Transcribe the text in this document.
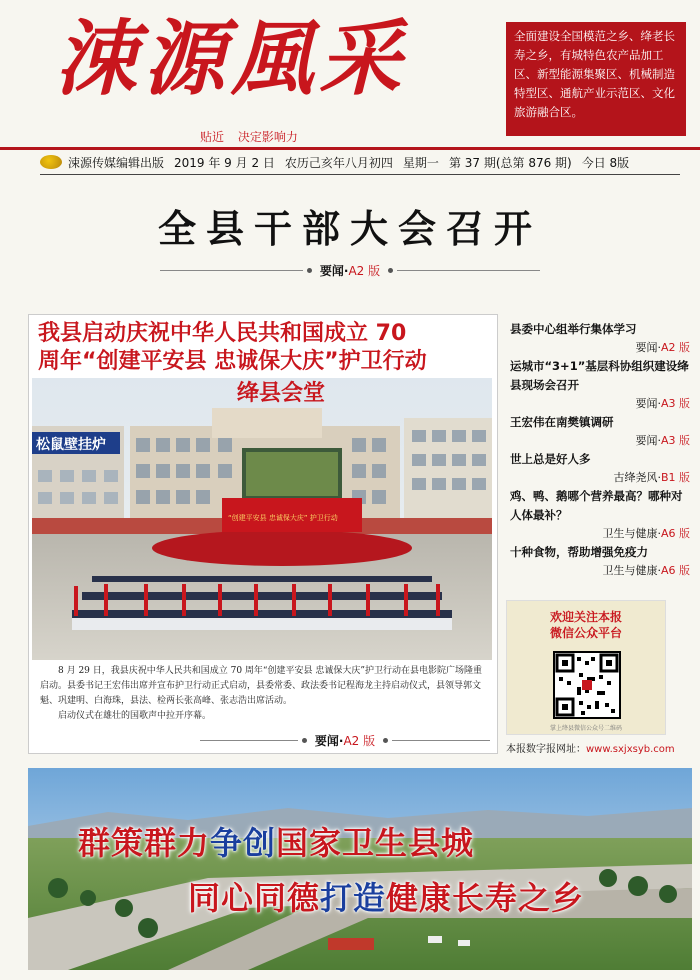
涑源風采
贴近 决定影响力
全面建设全国模范之乡、绛老长寿之乡，有城特色农产品加工区、新型能源集聚区、机械制造特型区、通航产业示范区、文化旅游融合区。
涑源传媒编辑出版 2019 年 9 月 2 日 农历己亥年八月初四 星期一 第 37 期(总第 876 期) 今日 8版
全县干部大会召开
要闻·A2 版
我县启动庆祝中华人民共和国成立 70
周年“创建平安县 忠诚保大庆”护卫行动
松鼠壁挂炉
绛县会堂
“创建平安县 忠诚保大庆” 护卫行动

8 月 29 日，我县庆祝中华人民共和国成立 70 周年“创建平安县 忠诚保大庆”护卫行动在县电影院广场隆重启动。县委书记王宏伟出席并宣布护卫行动正式启动，县委常委、政法委书记程海龙主持启动仪式，县领导郭文魁、巩建明、白海珠，县法、检两长张高峰、张志浩出席活动。

启动仪式在雄壮的国歌声中拉开序幕。

要闻·A2 版
县委中心组举行集体学习
要闻·A2 版
运城市“3+1”基层科协组织建设绛县现场会召开
要闻·A3 版
王宏伟在南樊镇调研
要闻·A3 版
世上总是好人多
古绛尧风·B1 版
鸡、鸭、鹅哪个营养最高？哪种对人体最补？
卫生与健康·A6 版
十种食物，帮助增强免疫力
卫生与健康·A6 版
欢迎关注本报
微信公众平台
掌上绛县微信公众号二维码
本报数字报网址：www.sxjxsyb.com
群策群力争创国家卫生县城
同心同德打造健康长寿之乡
